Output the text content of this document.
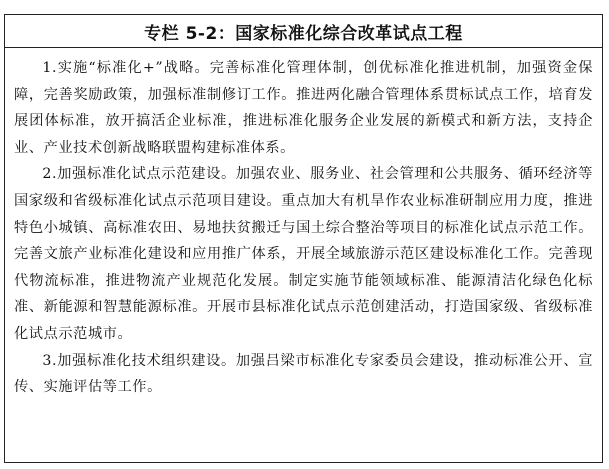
专栏 5-2：国家标准化综合改革试点工程

1.实施“标准化+”战略。完善标准化管理体制，创优标准化推进机制，加强资金保障，完善奖励政策，加强标准制修订工作。推进两化融合管理体系贯标试点工作，培育发展团体标准，放开搞活企业标准，推进标准化服务企业发展的新模式和新方法，支持企业、产业技术创新战略联盟构建标准体系。

2.加强标准化试点示范建设。加强农业、服务业、社会管理和公共服务、循环经济等国家级和省级标准化试点示范项目建设。重点加大有机旱作农业标准研制应用力度，推进特色小城镇、高标准农田、易地扶贫搬迁与国土综合整治等项目的标准化试点示范工作。完善文旅产业标准化建设和应用推广体系，开展全域旅游示范区建设标准化工作。完善现代物流标准，推进物流产业规范化发展。制定实施节能领域标准、能源清洁化绿色化标准、新能源和智慧能源标准。开展市县标准化试点示范创建活动，打造国家级、省级标准化试点示范城市。

3.加强标准化技术组织建设。加强吕梁市标准化专家委员会建设，推动标准公开、宣传、实施评估等工作。
